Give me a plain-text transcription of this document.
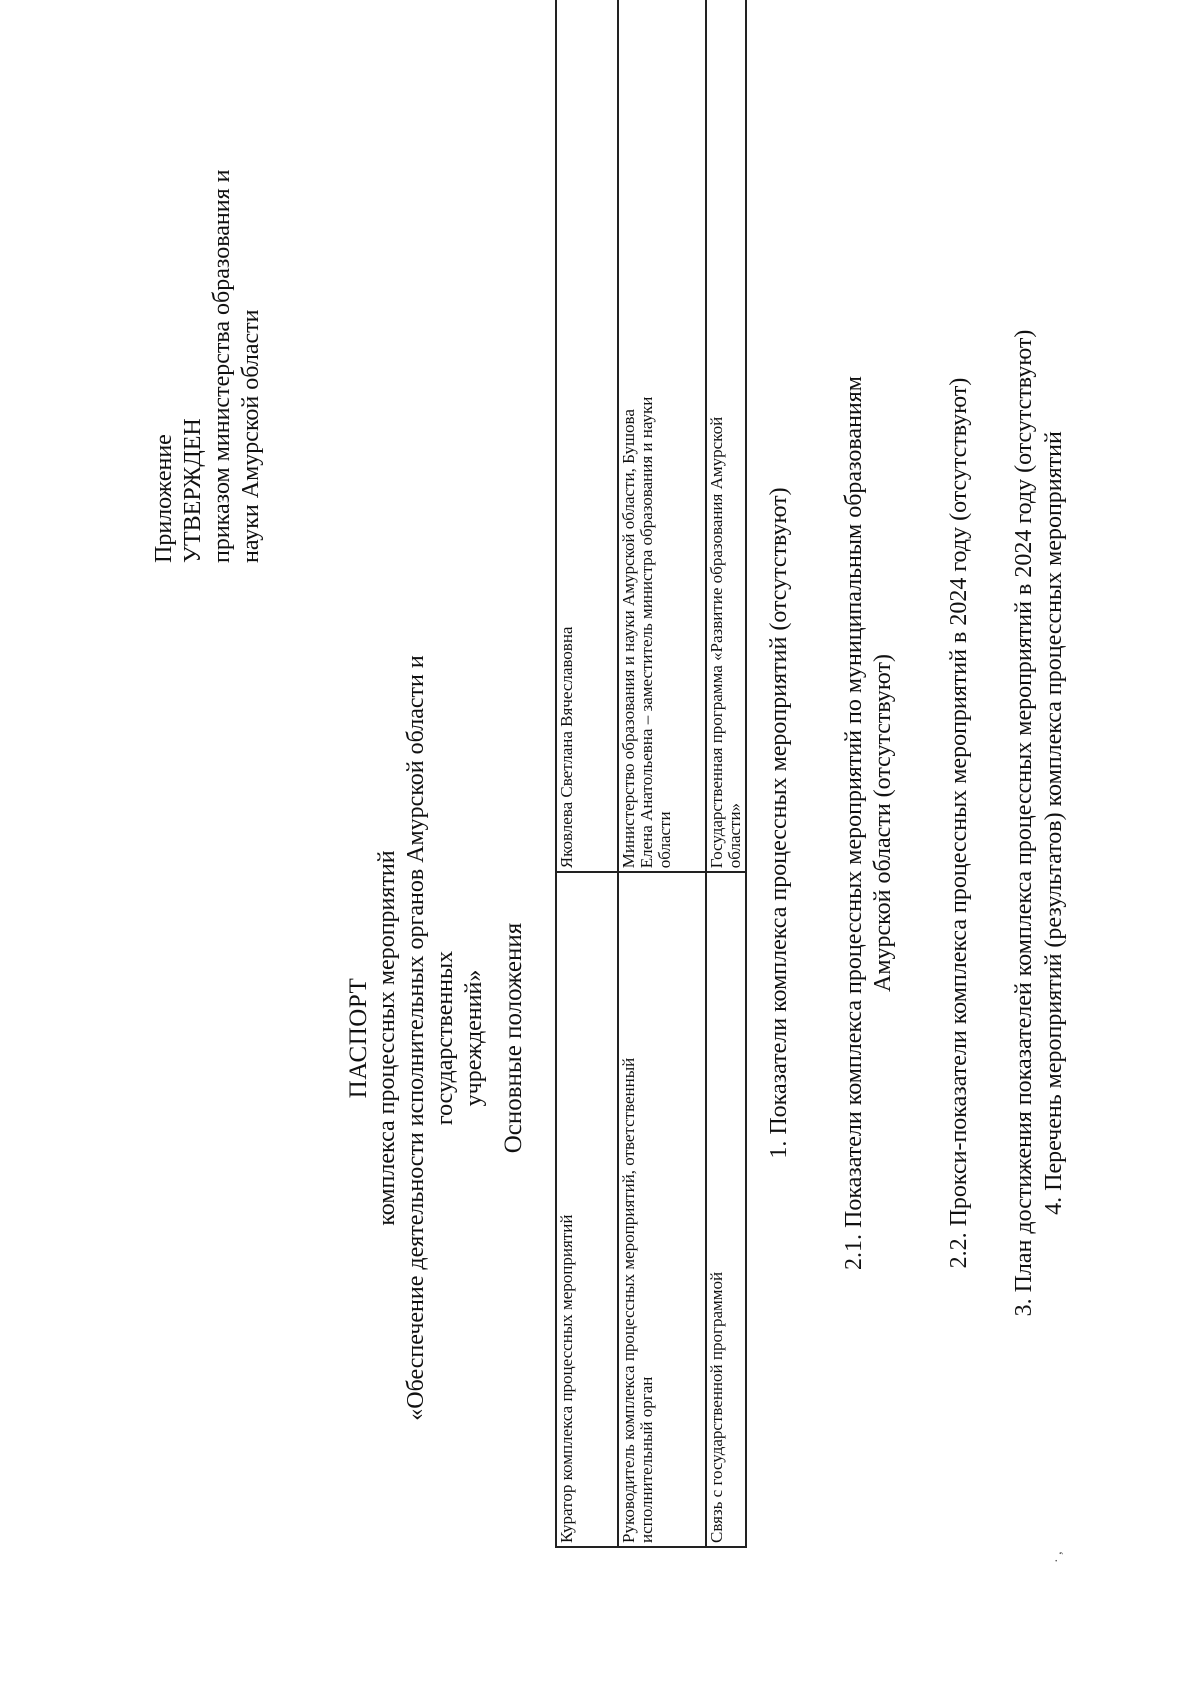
Приложение УТВЕРЖДЕН приказом министерства образования и науки Амурской области
ПАСПОРТ комплекса процессных мероприятий «Обеспечение деятельности исполнительных органов Амурской области и государственных учреждений» Основные положения
Куратор комплекса процессных мероприятий	Яковлева Светлана Вячеславовна

Руководитель комплекса процессных мероприятий, ответственный исполнительный орган	Министерство образования и науки Амурской области, Бушова Елена Анатольевна – заместитель министра образования и науки области

Связь с государственной программой	Государственная программа «Развитие образования Амурской области» 1. Показатели комплекса процессных мероприятий (отсутствуют) 2.1. Показатели комплекса процессных мероприятий по муниципальным образованиям Амурской области (отсутствуют) 2.2. Прокси-показатели комплекса процессных мероприятий в 2024 году (отсутствуют) 3. План достижения показателей комплекса процессных мероприятий в 2024 году (отсутствуют) 4. Перечень мероприятий (результатов) комплекса процессных мероприятий
· ,
